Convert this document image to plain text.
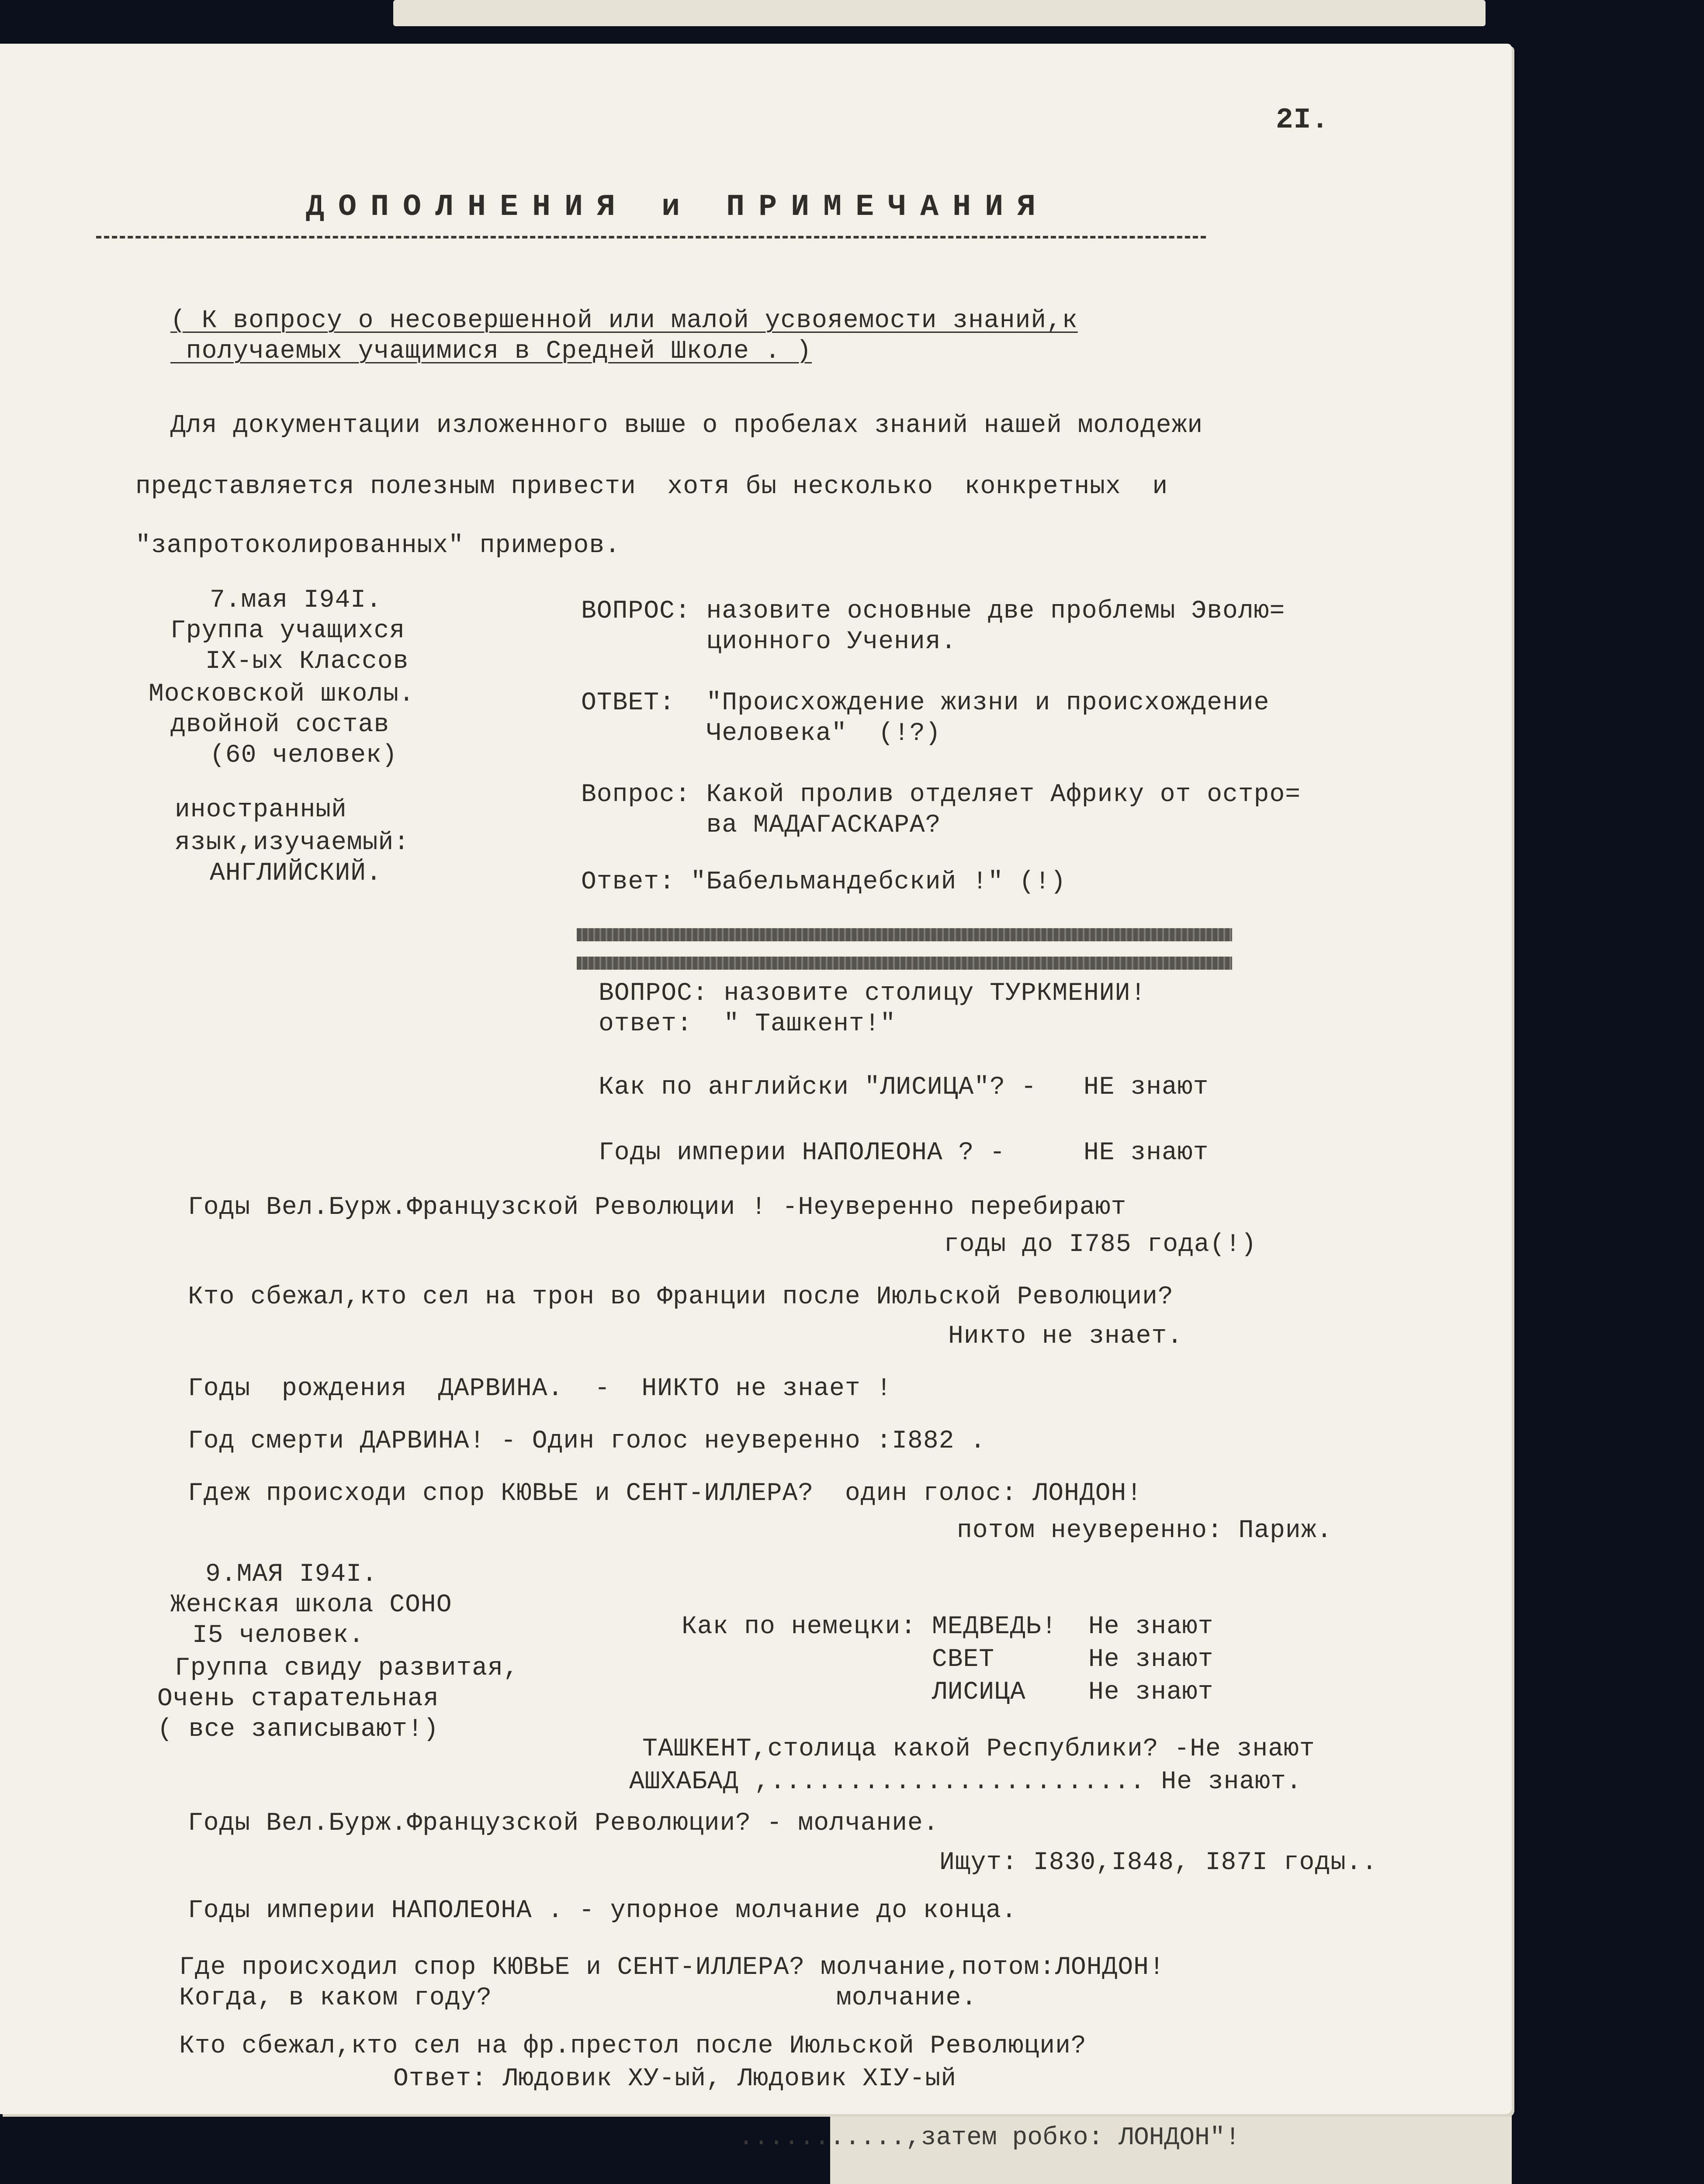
2I.
ДОПОЛНЕНИЯ и ПРИМЕЧАНИЯ
( К вопросу о несовершенной или малой усвояемости знаний,к
получаемых учащимися в Средней Школе . )
Для документации изложенного выше о пробелах знаний нашей молодежи
представляется полезным привести  хотя бы несколько  конкретных  и
"запротоколированных" примеров.
7.мая I94I.
Группа учащихся
IX-ых Классов
Московской школы.
двойной состав
(60 человек)
иностранный
язык,изучаемый:
АНГЛИЙСКИЙ.
ВОПРОС: назовите основные две проблемы Эволю=
ционного Учения.
ОТВЕТ:  "Происхождение жизни и происхождение
Человека"  (!?)
Вопрос: Какой пролив отделяет Африку от остро=
ва МАДАГАСКАРА?
Ответ: "Бабельмандебский !" (!)
ВОПРОС: назовите столицу ТУРКМЕНИИ!
ответ:  " Ташкент!"
Как по английски "ЛИСИЦА"? -   НЕ знают
Годы империи НАПОЛЕОНА ? -     НЕ знают
Годы Вел.Бурж.Французской Революции ! -Неуверенно перебирают
годы до I785 года(!)
Кто сбежал,кто сел на трон во Франции после Июльской Революции?
Никто не знает.
Годы  рождения  ДАРВИНА.  -  НИКТО не знает !
Год смерти ДАРВИНА! - Один голос неуверенно :I882 .
Гдеж происходи спор КЮВЬЕ и СЕНТ-ИЛЛЕРА?  один голос: ЛОНДОН!
потом неуверенно: Париж.
9.МАЯ I94I.
Женская школа СОНО
I5 человек.
Группа свиду развитая,
Очень старательная
( все записывают!)
Как по немецки: МЕДВЕДЬ!  Не знают
СВЕТ      Не знают
ЛИСИЦА    Не знают
ТАШКЕНТ,столица какой Республики? -Не знают
АШХАБАД ,........................ Не знают.
Годы Вел.Бурж.Французской Революции? - молчание.
Ищут: I830,I848, I87I годы..
Годы империи НАПОЛЕОНА . - упорное молчание до конца.
Где происходил спор КЮВЬЕ и СЕНТ-ИЛЛЕРА? молчание,потом:ЛОНДОН!
Когда, в каком году?                      молчание.
Кто сбежал,кто сел на фр.престол после Июльской Революции?
Ответ: Людовик ХУ-ый, Людовик XIУ-ый
...........,затем робко: ЛОНДОН"!
